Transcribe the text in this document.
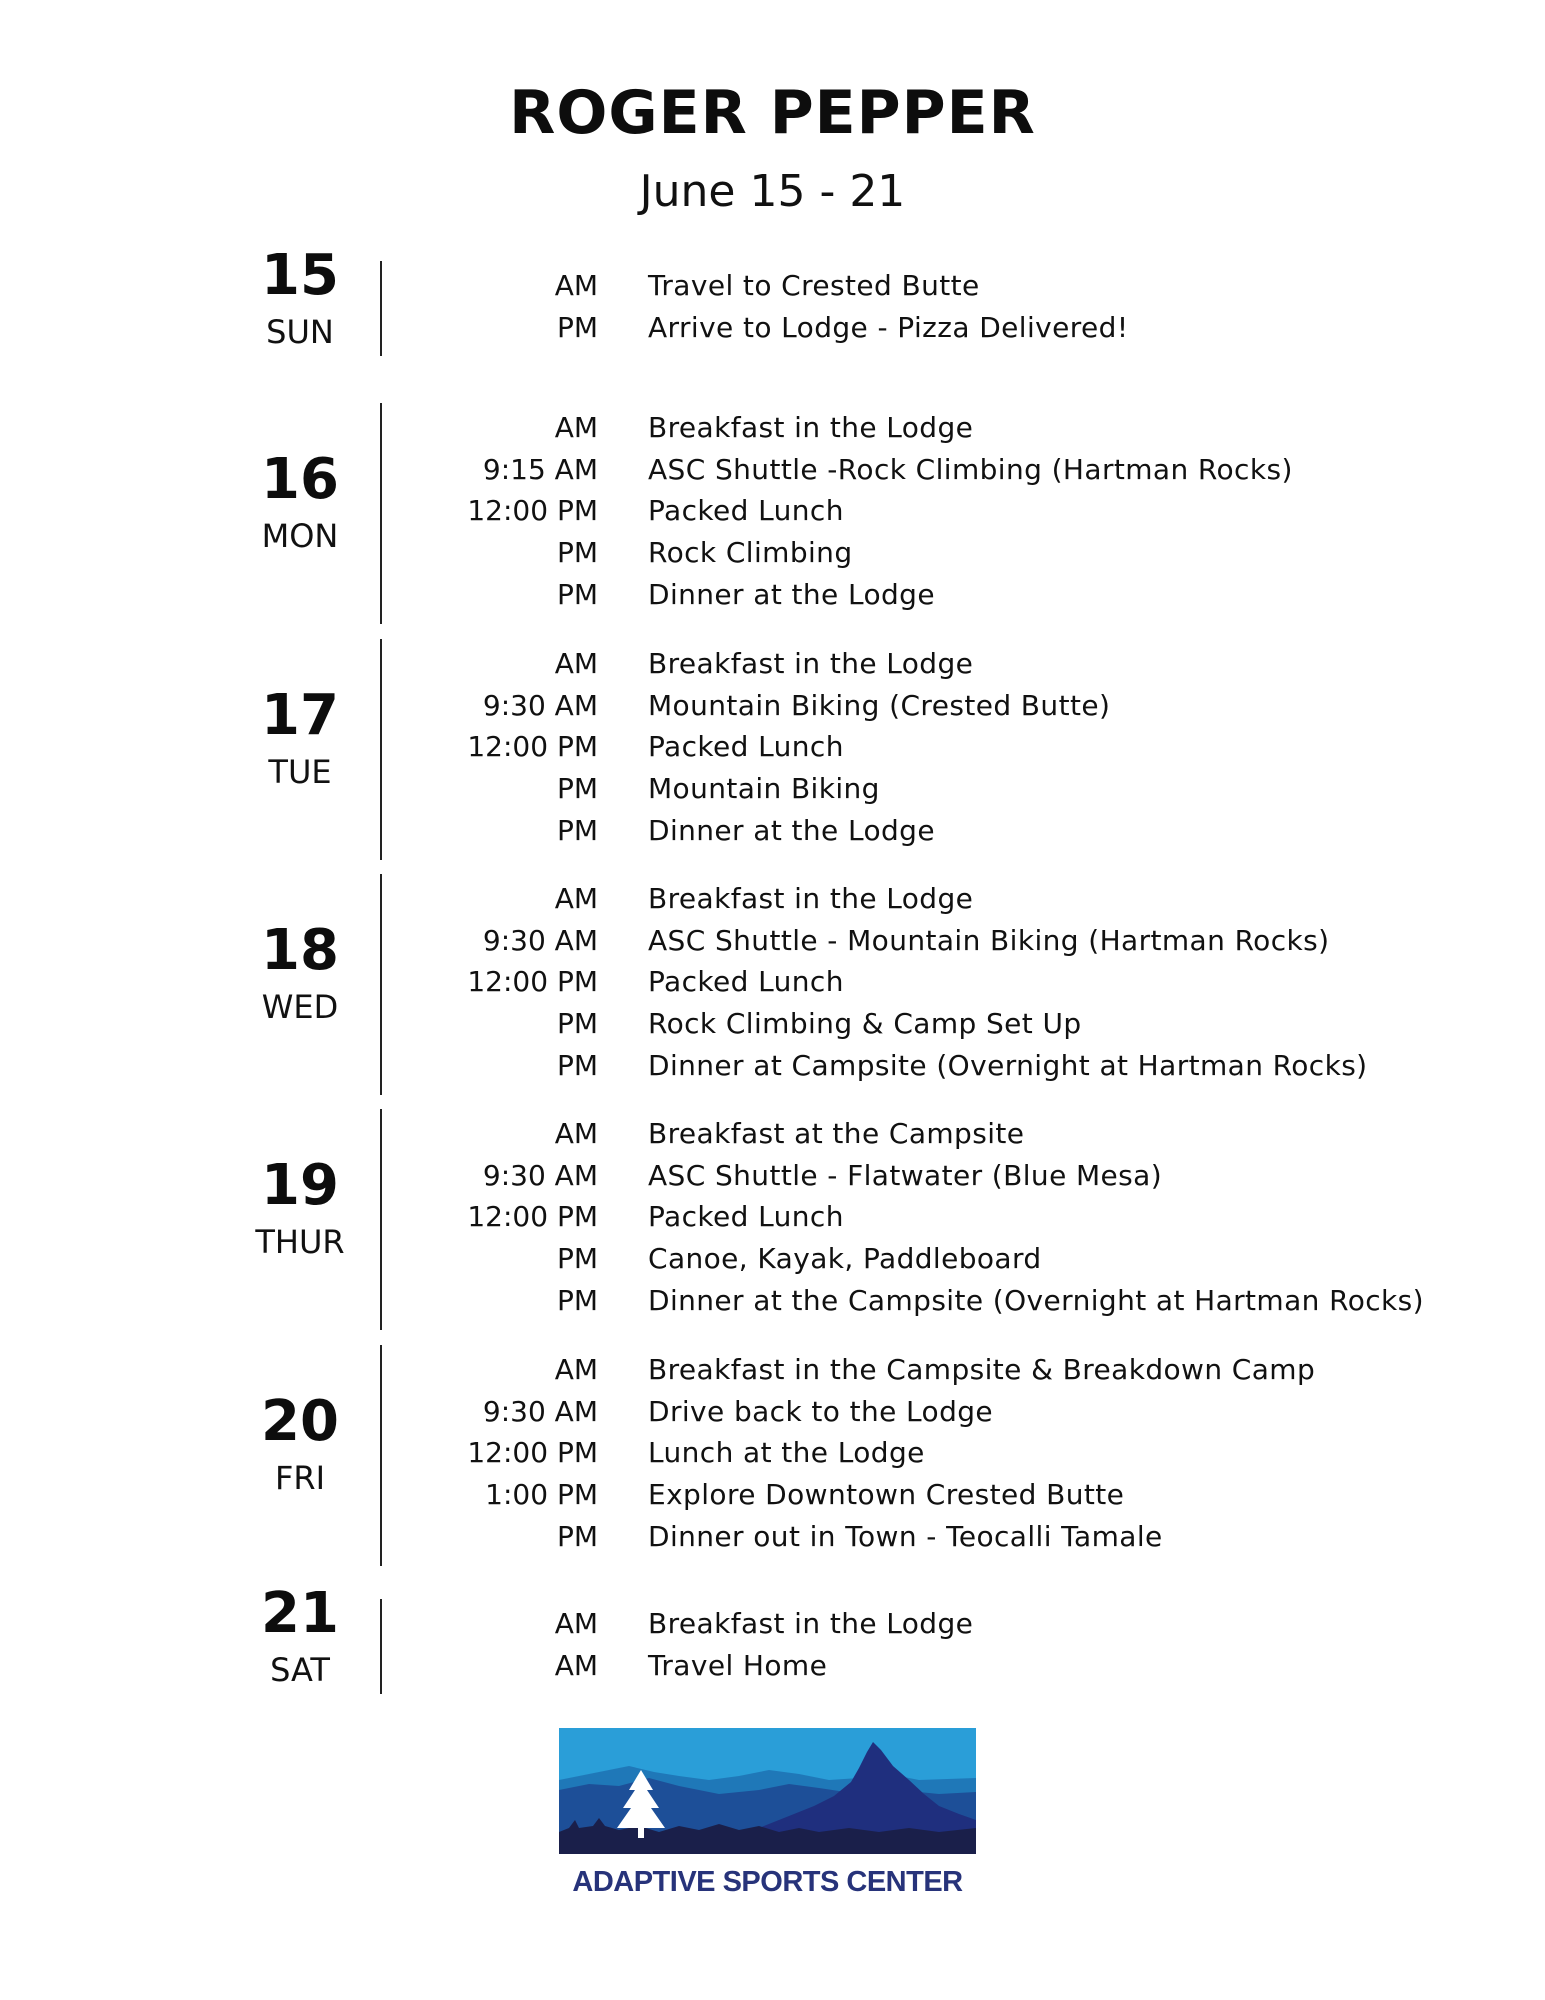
ROGER PEPPER
June 15 - 21
15
SUN
AM Travel to Crested Butte
PM Arrive to Lodge - Pizza Delivered!
16
MON
AM Breakfast in the Lodge
9:15 AM ASC Shuttle -Rock Climbing (Hartman Rocks)
12:00 PM Packed Lunch
PM Rock Climbing
PM Dinner at the Lodge
17
TUE
AM Breakfast in the Lodge
9:30 AM Mountain Biking (Crested Butte)
12:00 PM Packed Lunch
PM Mountain Biking
PM Dinner at the Lodge
18
WED
AM Breakfast in the Lodge
9:30 AM ASC Shuttle - Mountain Biking (Hartman Rocks)
12:00 PM Packed Lunch
PM Rock Climbing & Camp Set Up
PM Dinner at Campsite (Overnight at Hartman Rocks)
19
THUR
AM Breakfast at the Campsite
9:30 AM ASC Shuttle - Flatwater (Blue Mesa)
12:00 PM Packed Lunch
PM Canoe, Kayak, Paddleboard
PM Dinner at the Campsite (Overnight at Hartman Rocks)
20
FRI
AM Breakfast in the Campsite & Breakdown Camp
9:30 AM Drive back to the Lodge
12:00 PM Lunch at the Lodge
1:00 PM Explore Downtown Crested Butte
PM Dinner out in Town - Teocalli Tamale
21
SAT
AM Breakfast in the Lodge
AM Travel Home
ADAPTIVE SPORTS CENTER
